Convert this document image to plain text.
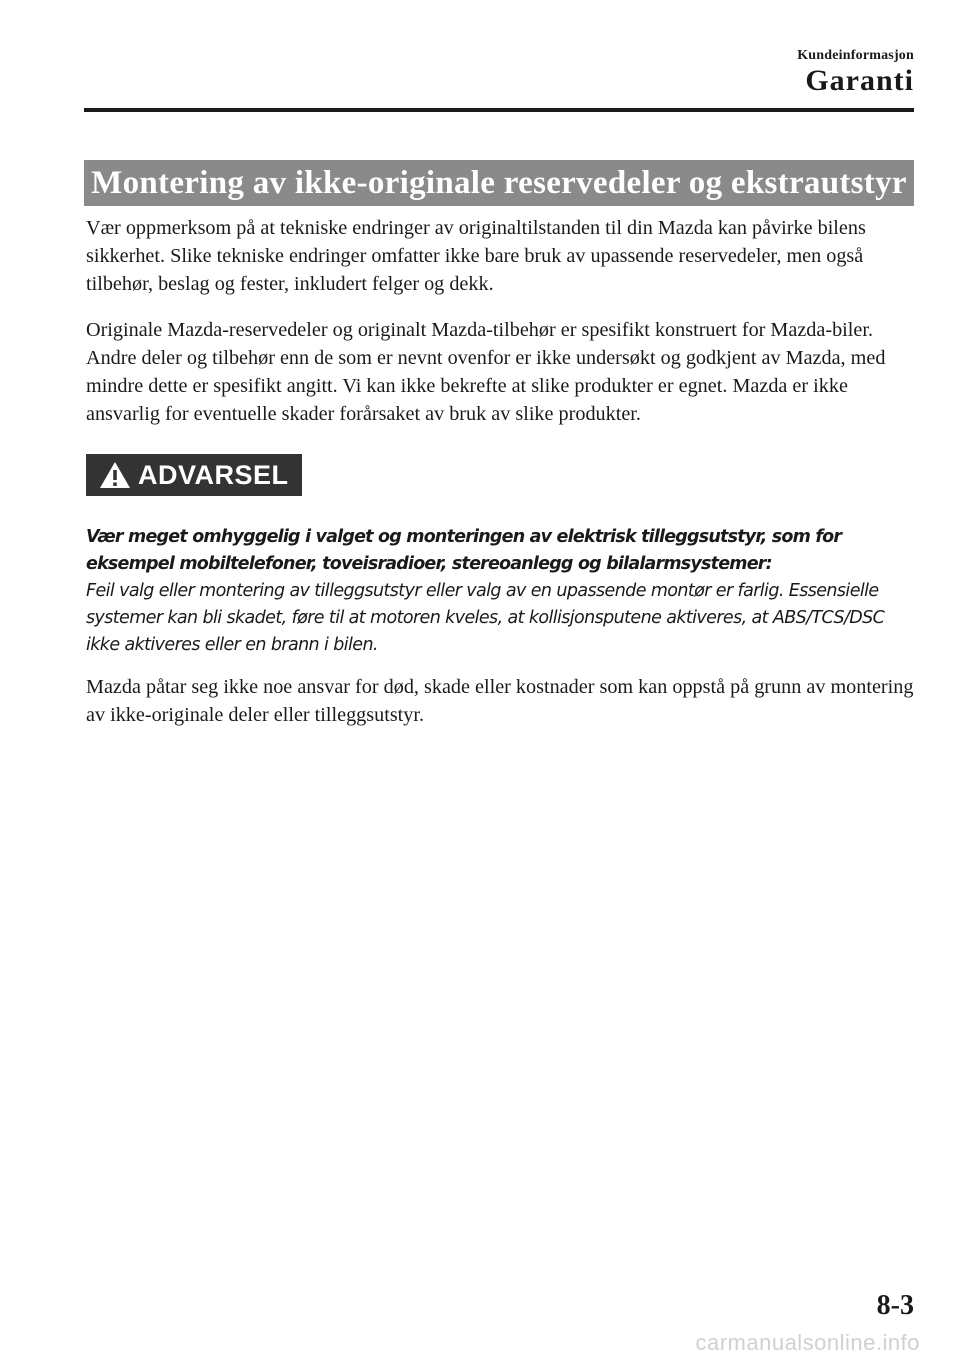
Kundeinformasjon
Garanti
Montering av ikke-originale reservedeler og ekstrautstyr

Vær oppmerksom på at tekniske endringer av originaltilstanden til din Mazda kan påvirke bilens sikkerhet. Slike tekniske endringer omfatter ikke bare bruk av upassende reservedeler, men også tilbehør, beslag og fester, inkludert felger og dekk.

Originale Mazda-reservedeler og originalt Mazda-tilbehør er spesifikt konstruert for Mazda-biler.

Andre deler og tilbehør enn de som er nevnt ovenfor er ikke undersøkt og godkjent av Mazda, med mindre dette er spesifikt angitt. Vi kan ikke bekrefte at slike produkter er egnet. Mazda er ikke ansvarlig for eventuelle skader forårsaket av bruk av slike produkter.

ADVARSEL

Vær meget omhyggelig i valget og monteringen av elektrisk tilleggsutstyr, som for eksempel mobiltelefoner, toveisradioer, stereoanlegg og bilalarmsystemer:
Feil valg eller montering av tilleggsutstyr eller valg av en upassende montør er farlig. Essensielle systemer kan bli skadet, føre til at motoren kveles, at kollisjonsputene aktiveres, at ABS/TCS/DSC ikke aktiveres eller en brann i bilen.

Mazda påtar seg ikke noe ansvar for død, skade eller kostnader som kan oppstå på grunn av montering av ikke-originale deler eller tilleggsutstyr.

8-3
carmanualsonline.info
